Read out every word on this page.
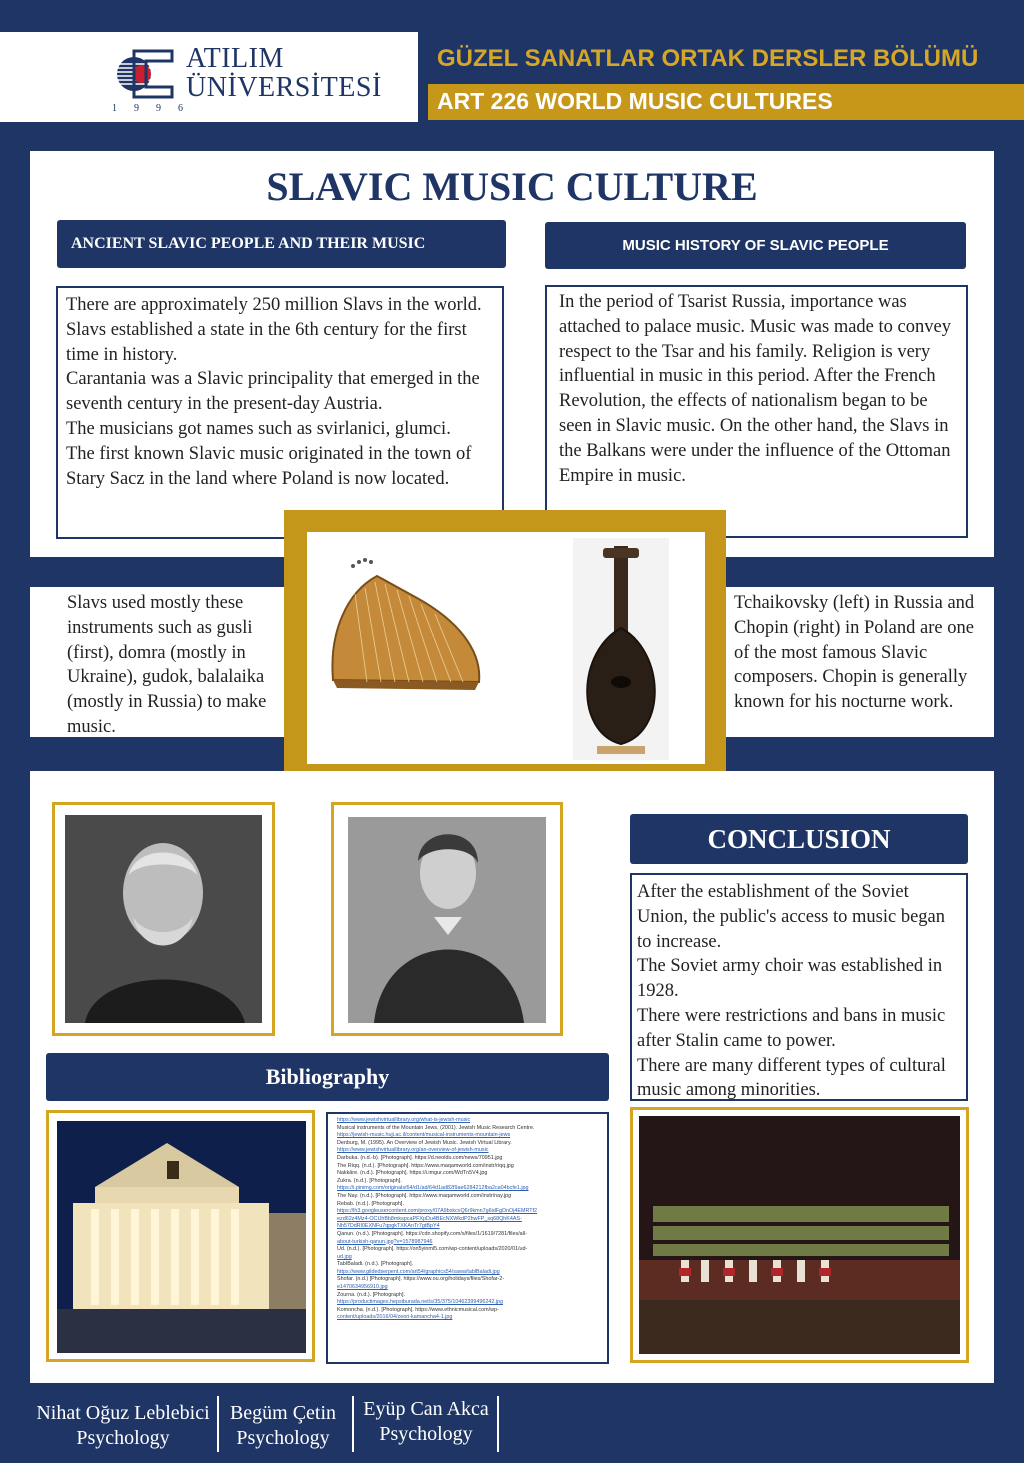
ATILIM
ÜNİVERSİTESİ
1996
GÜZEL SANATLAR ORTAK DERSLER BÖLÜMÜ
ART 226 WORLD MUSIC CULTURES
SLAVIC MUSIC CULTURE
ANCIENT SLAVIC PEOPLE AND THEIR MUSIC	MUSIC HISTORY OF SLAVIC PEOPLE

There are approximately 250 million Slavs in the world. Slavs established a state in the 6th century for the first time in history.
Carantania was a Slavic principality that emerged in the seventh century in the present-day Austria.
The musicians got names such as svirlanici, glumci.
The first known Slavic music originated in the town of Stary Sacz in the land where Poland is now located.

In the period of Tsarist Russia, importance was attached to palace music. Music was made to convey respect to the Tsar and his family. Religion is very influential in music in this period. After the French Revolution, the effects of nationalism began to be seen in Slavic music. On the other hand, the Slavs in the Balkans were under the influence of the Ottoman Empire in music.

Slavs used mostly these instruments such as gusli (first), domra (mostly in Ukraine), gudok, balalaika (mostly in Russia) to make music.
Tchaikovsky (left) in Russia and Chopin (right) in Poland are one of the most famous Slavic composers. Chopin is generally known for his nocturne work.
CONCLUSION

After the establishment of the Soviet Union, the public's access to music began to increase.
The Soviet army choir was established in 1928.
There were restrictions and bans in music after Stalin came to power.
There are many different types of cultural music among minorities.

Bibliography
https://www.jewishvirtuallibrary.org/what-is-jewish-music
Musical instruments of the Mountain Jews. (2001). Jewish Music Research Centre.
https://jewish-music.huji.ac.il/content/musical-instruments-mountain-jews
Denburg, M. (1995). An Overview of Jewish Music. Jewish Virtual Library.
https://www.jewishvirtuallibrary.org/an-overview-of-jewish-music
Darbuka. (n.d.-b). [Photograph]. https://d.neoldu.com/news/70951.jpg
The Riqq. (n.d.). [Photograph]. https://www.maqamworld.com/instr/riqq.jpg
Nakkâre. (n.d.). [Photograph]. https://i.imgur.com/WdTn5V4.jpg
Zukra. (n.d.). [Photograph].
https://i.pinimg.com/originals/64/d1/ad/64d1ad82f9ae6284212fba2ca04bcfe1.jpg
The Nay. (n.d.). [Photograph]. https://www.maqamworld.com/instr/nay.jpg
Rebab. (n.d.). [Photograph].
https://lh3.googleusercontent.com/proxy/07A9bxkcvQ6r9kmn7g6idFgDnOj4EMRTf2
ezd62z4Mz4-OCUhBb8mkspcaPFXpDu4BEcNXWkdP2hwFP_sq68QhK4AS-
Nh57DdRl0EXNFu7qpgkTXKAnTr7gtBpY4
Qanun. (n.d.). [Photograph]. https://cdn.shopify.com/s/files/1/1619/7281/files/all-
about-turkish-qanun.jpg?v=1578987946
Ud. (n.d.). [Photograph]. https://on5yinml5.com/wp-content/uploads/2020/01/ud-
ud.jpg
TabIBaladi. (n.d.). [Photograph].
https://www.gildedserpent.com/art54/graphics54/sawa/tablBaladi.jpg
Shofar. (n.d.) [Photograph]. https://www.ou.org/holidays/files/Shofar-2-
e1470634956910.jpg
Zourna. (n.d.). [Photograph].
https://productimages.hepsiburada.net/s/35/375/10462399496242.jpg
Komoncha. (n.d.). [Photograph]. https://www.ethnicmusical.com/wp-
content/uploads/2016/04/zeori-kamancha4-1.jpg
Nihat Oğuz Leblebici
Psychology
Begüm Çetin
Psychology
Eyüp Can Akca
Psychology
